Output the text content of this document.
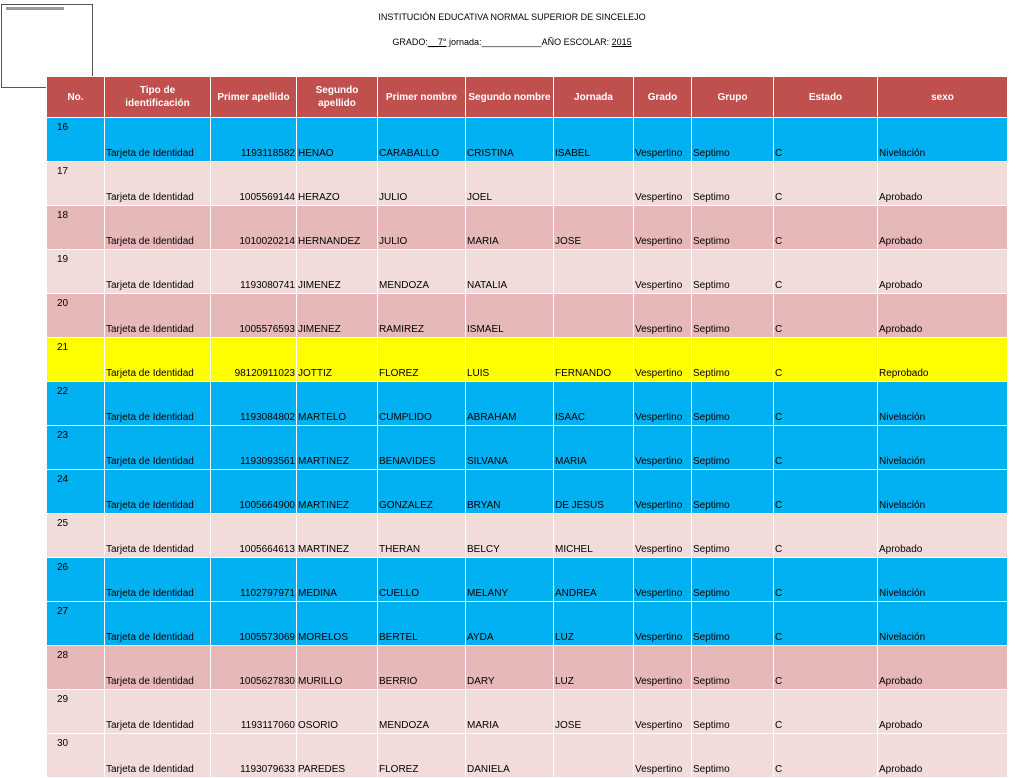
INSTITUCIÓN EDUCATIVA NORMAL SUPERIOR DE SINCELEJO
GRADO:__7° jornada:____________AÑO ESCOLAR: 2015
No.	Tipo de identificación	Primer apellido	Segundo apellido	Primer nombre	Segundo nombre	Jornada	Grado	Grupo	Estado	sexo
16	Tarjeta de Identidad	1193118582	HENAO	CARABALLO	CRISTINA	ISABEL	Vespertino	Septimo	C	Nivelación
17	Tarjeta de Identidad	1005569144	HERAZO	JULIO	JOEL		Vespertino	Septimo	C	Aprobado
18	Tarjeta de Identidad	1010020214	HERNANDEZ	JULIO	MARIA	JOSE	Vespertino	Septimo	C	Aprobado
19	Tarjeta de Identidad	1193080741	JIMENEZ	MENDOZA	NATALIA		Vespertino	Septimo	C	Aprobado
20	Tarjeta de Identidad	1005576593	JIMENEZ	RAMIREZ	ISMAEL		Vespertino	Septimo	C	Aprobado
21	Tarjeta de Identidad	98120911023	JOTTIZ	FLOREZ	LUIS	FERNANDO	Vespertino	Septimo	C	Reprobado
22	Tarjeta de Identidad	1193084802	MARTELO	CUMPLIDO	ABRAHAM	ISAAC	Vespertino	Septimo	C	Nivelación
23	Tarjeta de Identidad	1193093561	MARTINEZ	BENAVIDES	SILVANA	MARIA	Vespertino	Septimo	C	Nivelación
24	Tarjeta de Identidad	1005664900	MARTINEZ	GONZALEZ	BRYAN	DE JESUS	Vespertino	Septimo	C	Nivelación
25	Tarjeta de Identidad	1005664613	MARTINEZ	THERAN	BELCY	MICHEL	Vespertino	Septimo	C	Aprobado
26	Tarjeta de Identidad	1102797971	MEDINA	CUELLO	MELANY	ANDREA	Vespertino	Septimo	C	Nivelación
27	Tarjeta de Identidad	1005573069	MORELOS	BERTEL	AYDA	LUZ	Vespertino	Septimo	C	Nivelación
28	Tarjeta de Identidad	1005627830	MURILLO	BERRIO	DARY	LUZ	Vespertino	Septimo	C	Aprobado
29	Tarjeta de Identidad	1193117060	OSORIO	MENDOZA	MARIA	JOSE	Vespertino	Septimo	C	Aprobado
30	Tarjeta de Identidad	1193079633	PAREDES	FLOREZ	DANIELA		Vespertino	Septimo	C	Aprobado
